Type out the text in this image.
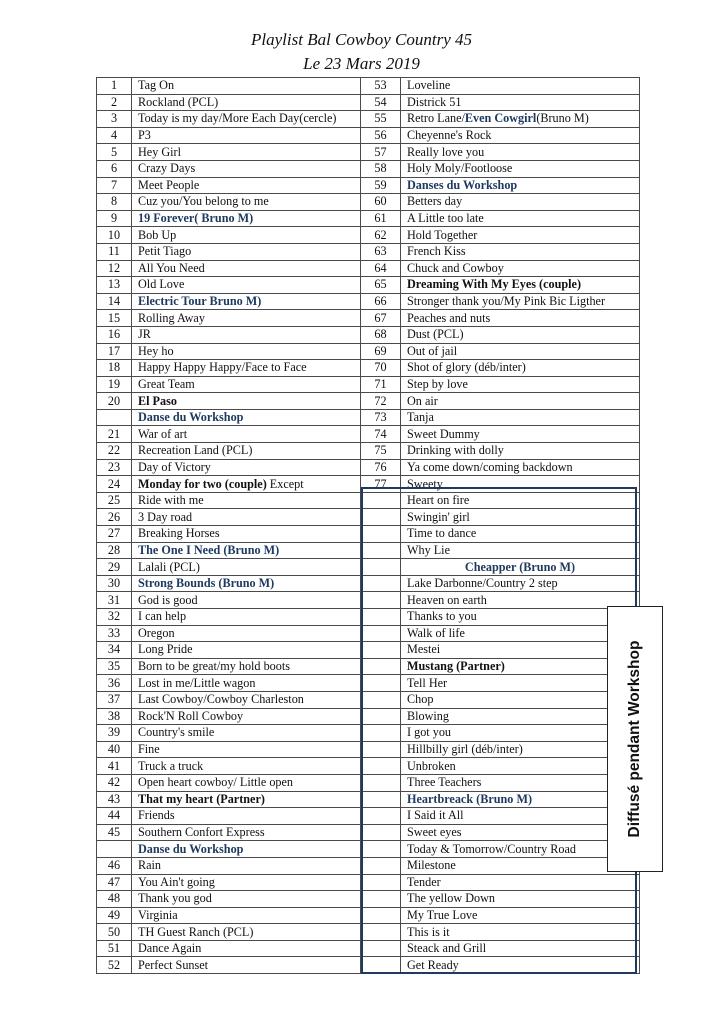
Playlist Bal Cowboy Country 45
Le 23 Mars 2019
1	Tag On	53	Loveline
2	Rockland (PCL)	54	Districk 51
3	Today is my day/More Each Day(cercle)	55	Retro Lane/Even Cowgirl(Bruno M)
4	P3	56	Cheyenne's Rock
5	Hey Girl	57	Really love you
6	Crazy Days	58	Holy Moly/Footloose
7	Meet People	59	Danses du Workshop
8	Cuz you/You belong to me	60	Betters day
9	19 Forever( Bruno M)	61	A Little too late
10	Bob Up	62	Hold Together
11	Petit Tiago	63	French Kiss
12	All You Need	64	Chuck and Cowboy
13	Old Love	65	Dreaming With My Eyes (couple)
14	Electric Tour Bruno M)	66	Stronger thank you/My Pink Bic Ligther
15	Rolling Away	67	Peaches and nuts
16	JR	68	Dust (PCL)
17	Hey ho	69	Out of jail
18	Happy Happy Happy/Face to Face	70	Shot of glory (déb/inter)
19	Great Team	71	Step by love
20	El Paso	72	On air
	Danse du Workshop	73	Tanja
21	War of art	74	Sweet Dummy
22	Recreation Land (PCL)	75	Drinking with dolly
23	Day of Victory	76	Ya come down/coming backdown
24	Monday for two (couple) Except	77	Sweety
25	Ride with me		Heart on fire
26	3 Day road		Swingin' girl
27	Breaking Horses		Time to dance
28	The One I Need (Bruno M)		Why Lie
29	Lalali (PCL)		Cheapper (Bruno M)
30	Strong Bounds (Bruno M)		Lake Darbonne/Country 2 step
31	God is good		Heaven on earth
32	I can help		Thanks to you
33	Oregon		Walk of life
34	Long Pride		Mestei
35	Born to be great/my hold boots		Mustang (Partner)
36	Lost in me/Little wagon		Tell Her
37	Last Cowboy/Cowboy Charleston		Chop
38	Rock'N Roll Cowboy		Blowing
39	Country's smile		I got you
40	Fine		Hillbilly girl (déb/inter)
41	Truck a truck		Unbroken
42	Open heart cowboy/ Little open		Three Teachers
43	That my heart (Partner)		Heartbreack (Bruno M)
44	Friends		I Said it All
45	Southern Confort Express		Sweet eyes
	Danse du Workshop		Today & Tomorrow/Country Road
46	Rain		Milestone
47	You Ain't going		Tender
48	Thank you god		The yellow Down
49	Virginia		My True Love
50	TH Guest Ranch (PCL)		This is it
51	Dance Again		Steack and Grill
52	Perfect Sunset		Get Ready
Diffusé pendant Workshop
